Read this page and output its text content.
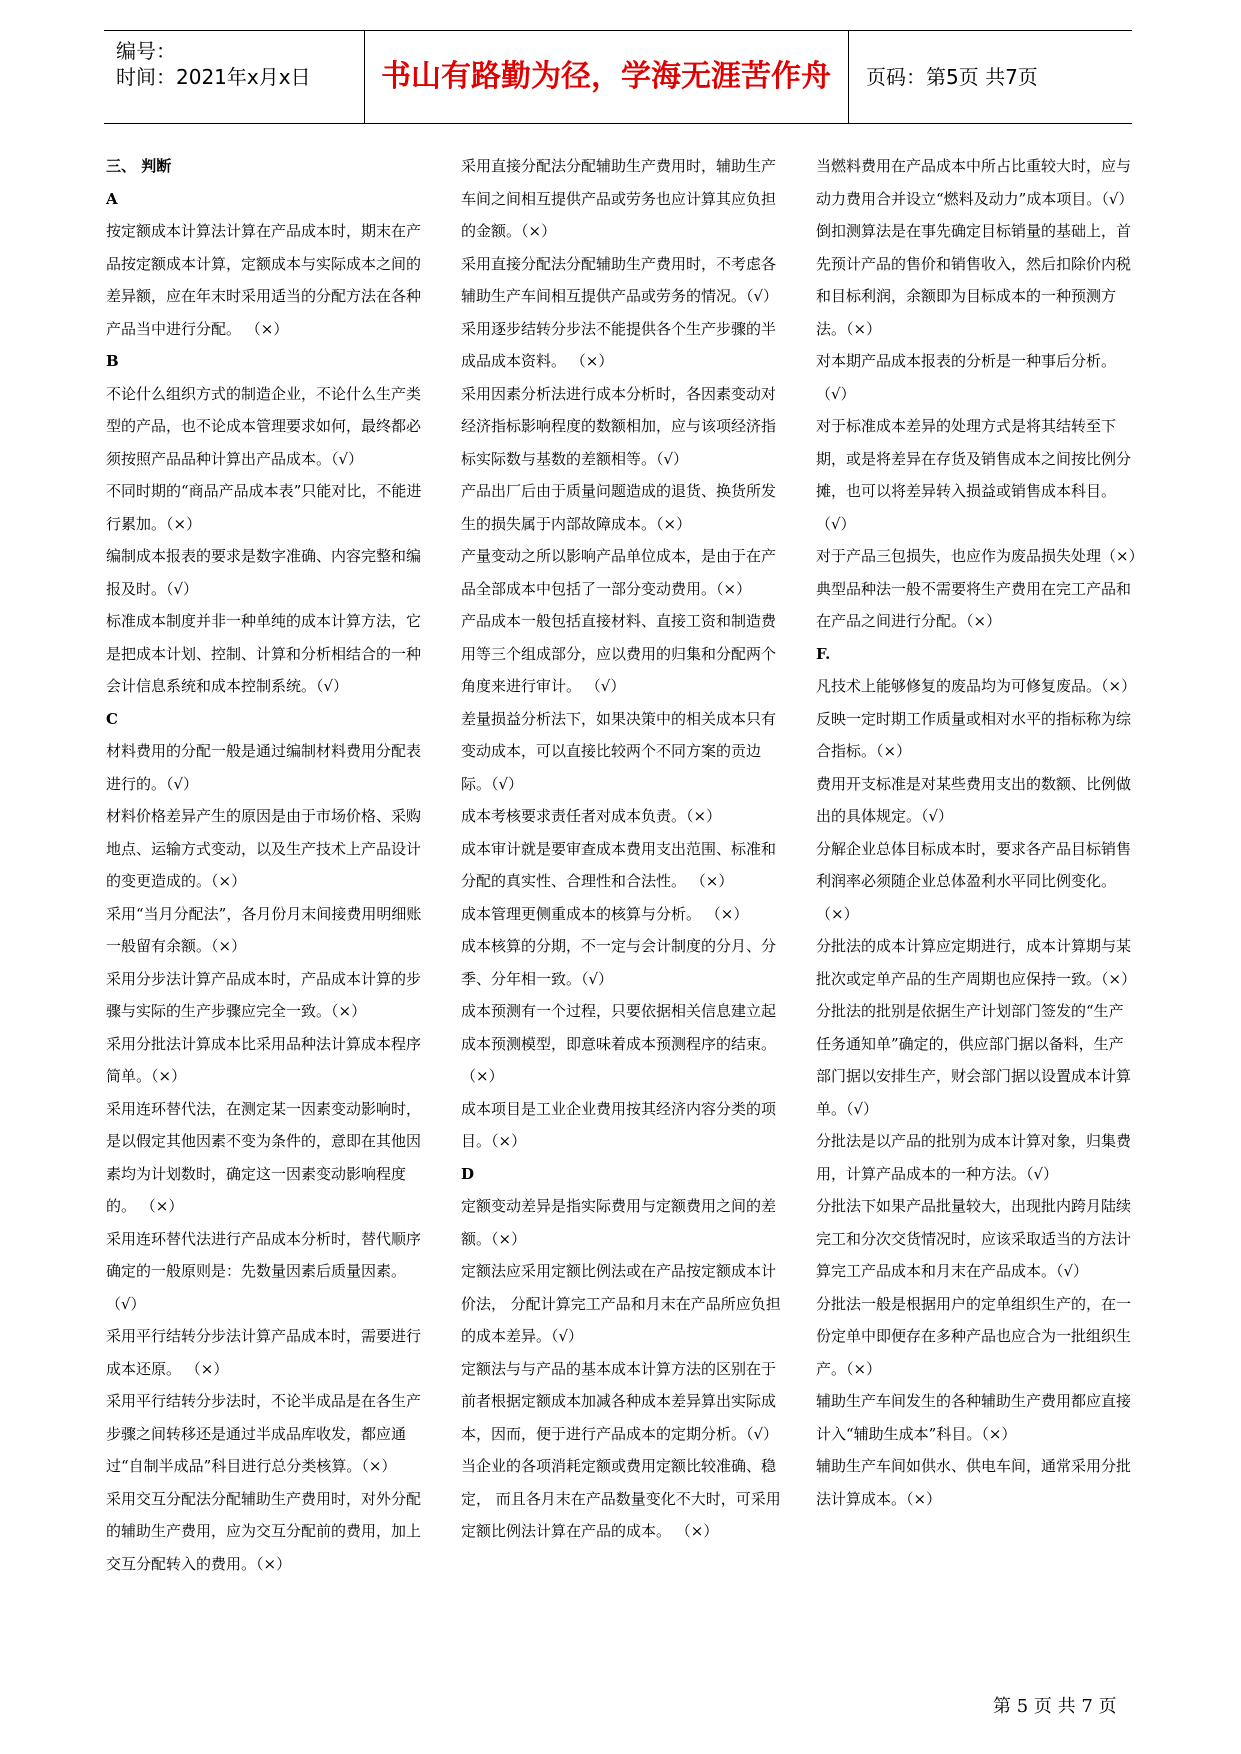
编号：
时间：2021年x月x日	书山有路勤为径，学海无涯苦作舟	页码：第5页 共7页

三、 判断

A

按定额成本计算法计算在产品成本时，期末在产品按定额成本计算，定额成本与实际成本之间的差异额，应在年末时采用适当的分配方法在各种产品当中进行分配。 （×）

B

不论什么组织方式的制造企业，不论什么生产类型的产品，也不论成本管理要求如何，最终都必须按照产品品种计算出产品成本。（√）

不同时期的“商品产品成本表”只能对比，不能进行累加。（×）

编制成本报表的要求是数字准确、内容完整和编报及时。（√）

标准成本制度并非一种单纯的成本计算方法，它是把成本计划、控制、计算和分析相结合的一种会计信息系统和成本控制系统。（√）

C

材料费用的分配一般是通过编制材料费用分配表进行的。（√）

材料价格差异产生的原因是由于市场价格、采购地点、运输方式变动，以及生产技术上产品设计的变更造成的。（×）

采用“当月分配法”，各月份月末间接费用明细账一般留有余额。（×）

采用分步法计算产品成本时，产品成本计算的步骤与实际的生产步骤应完全一致。（×）

采用分批法计算成本比采用品种法计算成本程序简单。（×）

采用连环替代法，在测定某一因素变动影响时，是以假定其他因素不变为条件的，意即在其他因素均为计划数时，确定这一因素变动影响程度的。 （×）

采用连环替代法进行产品成本分析时，替代顺序确定的一般原则是：先数量因素后质量因素。（√）

采用平行结转分步法计算产品成本时，需要进行成本还原。 （×）

采用平行结转分步法时，不论半成品是在各生产步骤之间转移还是通过半成品库收发，都应通过“自制半成品”科目进行总分类核算。（×）

采用交互分配法分配辅助生产费用时，对外分配的辅助生产费用，应为交互分配前的费用，加上交互分配转入的费用。（×）

采用直接分配法分配辅助生产费用时，辅助生产车间之间相互提供产品或劳务也应计算其应负担的金额。（×）

采用直接分配法分配辅助生产费用时，不考虑各辅助生产车间相互提供产品或劳务的情况。（√）

采用逐步结转分步法不能提供各个生产步骤的半成品成本资料。 （×）

采用因素分析法进行成本分析时，各因素变动对经济指标影响程度的数额相加，应与该项经济指标实际数与基数的差额相等。（√）

产品出厂后由于质量问题造成的退货、换货所发生的损失属于内部故障成本。（×）

产量变动之所以影响产品单位成本，是由于在产品全部成本中包括了一部分变动费用。（×）

产品成本一般包括直接材料、直接工资和制造费用等三个组成部分，应以费用的归集和分配两个角度来进行审计。 （√）

差量损益分析法下，如果决策中的相关成本只有变动成本，可以直接比较两个不同方案的贡边际。（√）

成本考核要求责任者对成本负责。（×）

成本审计就是要审查成本费用支出范围、标准和分配的真实性、合理性和合法性。 （×）

成本管理更侧重成本的核算与分析。 （×）

成本核算的分期，不一定与会计制度的分月、分季、分年相一致。（√）

成本预测有一个过程，只要依据相关信息建立起成本预测模型，即意味着成本预测程序的结束。（×）

成本项目是工业企业费用按其经济内容分类的项目。（×）

D

定额变动差异是指实际费用与定额费用之间的差额。（×）

定额法应采用定额比例法或在产品按定额成本计价法， 分配计算完工产品和月末在产品所应负担的成本差异。（√）

定额法与与产品的基本成本计算方法的区别在于前者根据定额成本加减各种成本差异算出实际成本，因而，便于进行产品成本的定期分析。（√）

当企业的各项消耗定额或费用定额比较准确、稳定， 而且各月末在产品数量变化不大时，可采用定额比例法计算在产品的成本。 （×）

当燃料费用在产品成本中所占比重较大时，应与动力费用合并设立“燃料及动力”成本项目。（√）

倒扣测算法是在事先确定目标销量的基础上，首先预计产品的售价和销售收入，然后扣除价内税和目标利润，余额即为目标成本的一种预测方法。（×）

对本期产品成本报表的分析是一种事后分析。（√）

对于标准成本差异的处理方式是将其结转至下期，或是将差异在存货及销售成本之间按比例分摊，也可以将差异转入损益或销售成本科目。（√）

对于产品三包损失，也应作为废品损失处理（×）

典型品种法一般不需要将生产费用在完工产品和在产品之间进行分配。（×）

F.

凡技术上能够修复的废品均为可修复废品。（×）

反映一定时期工作质量或相对水平的指标称为综合指标。（×）

费用开支标准是对某些费用支出的数额、比例做出的具体规定。（√）

分解企业总体目标成本时，要求各产品目标销售利润率必须随企业总体盈利水平同比例变化。（×）

分批法的成本计算应定期进行，成本计算期与某批次或定单产品的生产周期也应保持一致。（×）

分批法的批别是依据生产计划部门签发的“生产任务通知单”确定的，供应部门据以备料，生产部门据以安排生产，财会部门据以设置成本计算单。（√）

分批法是以产品的批别为成本计算对象，归集费用，计算产品成本的一种方法。（√）

分批法下如果产品批量较大，出现批内跨月陆续完工和分次交货情况时，应该采取适当的方法计算完工产品成本和月末在产品成本。（√）

分批法一般是根据用户的定单组织生产的，在一份定单中即便存在多种产品也应合为一批组织生产。（×）

辅助生产车间发生的各种辅助生产费用都应直接计入“辅助生成本”科目。（×）

辅助生产车间如供水、供电车间，通常采用分批法计算成本。（×）

第 5 页 共 7 页
